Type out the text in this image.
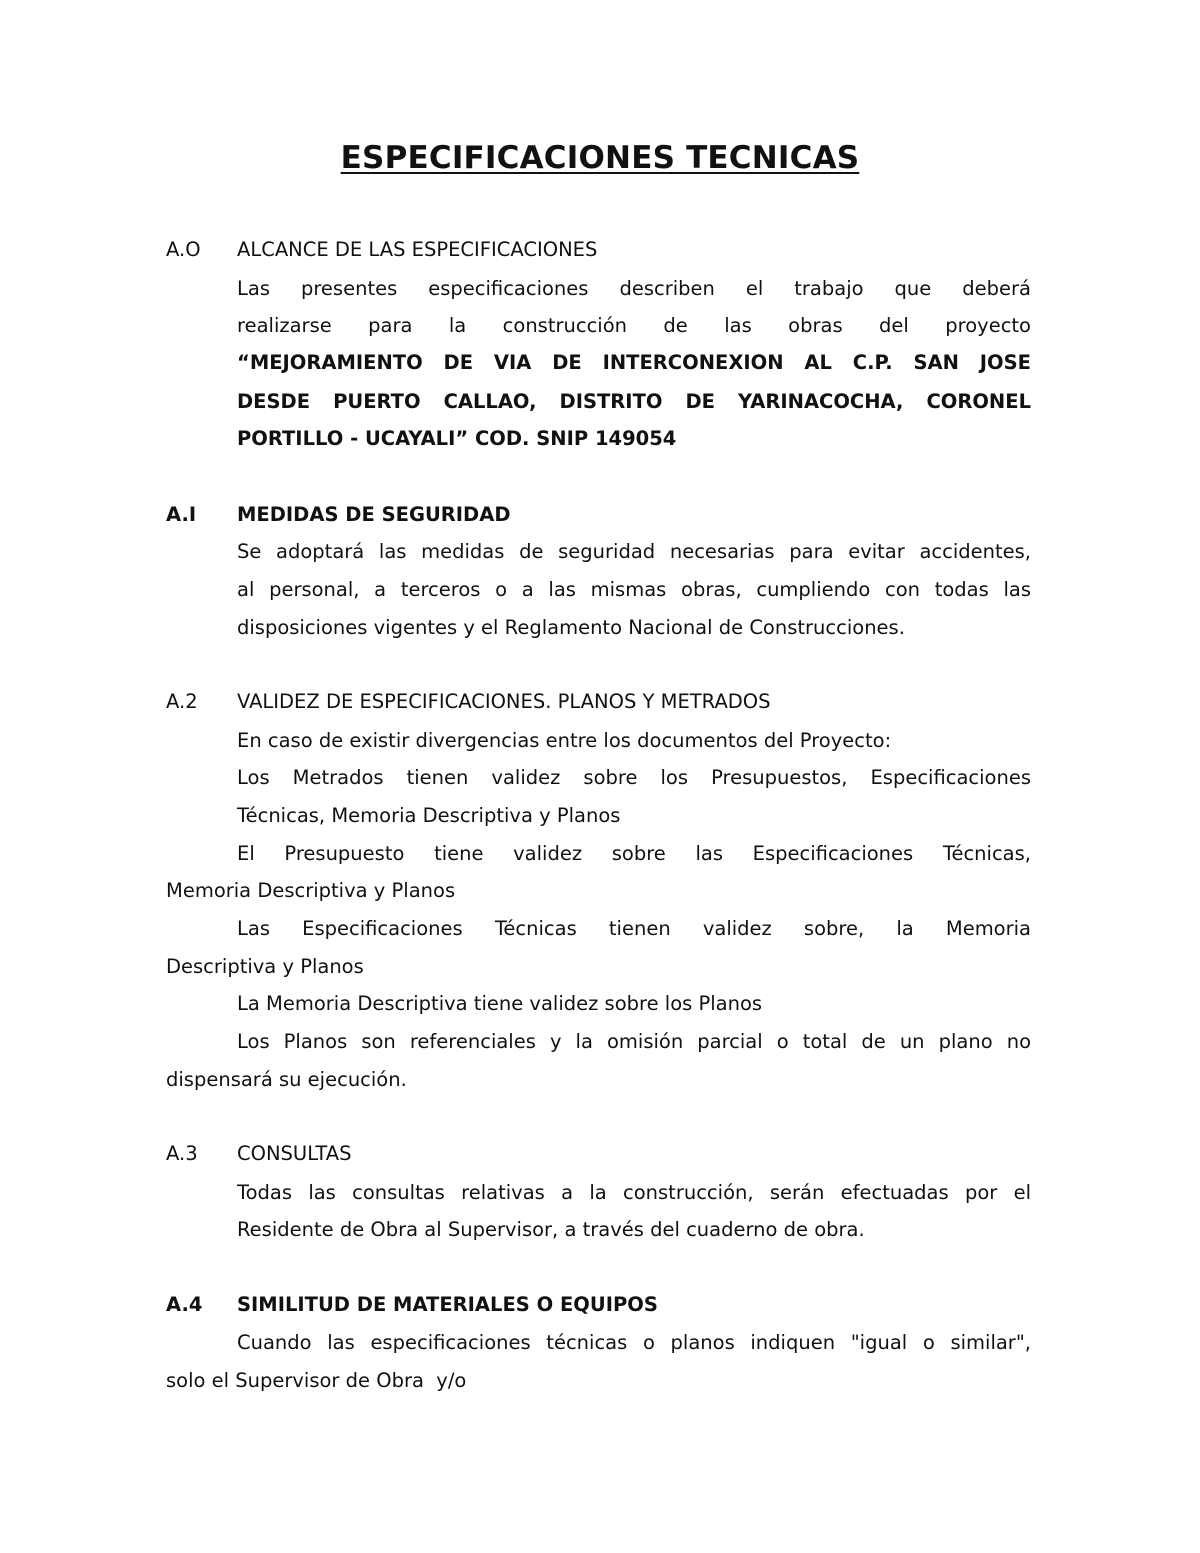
ESPECIFICACIONES TECNICAS
A.O ALCANCE DE LAS ESPECIFICACIONES
Las presentes especificaciones describen el trabajo que deberá
realizarse para la construcción de las obras del proyecto
“MEJORAMIENTO DE VIA DE INTERCONEXION AL C.P. SAN JOSE
DESDE PUERTO CALLAO, DISTRITO DE YARINACOCHA, CORONEL
PORTILLO - UCAYALI” COD. SNIP 149054
A.I MEDIDAS DE SEGURIDAD
Se adoptará las medidas de seguridad necesarias para evitar accidentes,
al personal, a terceros o a las mismas obras, cumpliendo con todas las
disposiciones vigentes y el Reglamento Nacional de Construcciones.
A.2 VALIDEZ DE ESPECIFICACIONES. PLANOS Y METRADOS
En caso de existir divergencias entre los documentos del Proyecto:
Los Metrados tienen validez sobre los Presupuestos, Especificaciones
Técnicas, Memoria Descriptiva y Planos
El Presupuesto tiene validez sobre las Especificaciones Técnicas,
Memoria Descriptiva y Planos
Las Especificaciones Técnicas tienen validez sobre, la Memoria
Descriptiva y Planos
La Memoria Descriptiva tiene validez sobre los Planos
Los Planos son referenciales y la omisión parcial o total de un plano no
dispensará su ejecución.
A.3 CONSULTAS
Todas las consultas relativas a la construcción, serán efectuadas por el
Residente de Obra al Supervisor, a través del cuaderno de obra.
A.4 SIMILITUD DE MATERIALES O EQUIPOS
Cuando las especificaciones técnicas o planos indiquen "igual o similar",
solo el Supervisor de Obra  y/o
